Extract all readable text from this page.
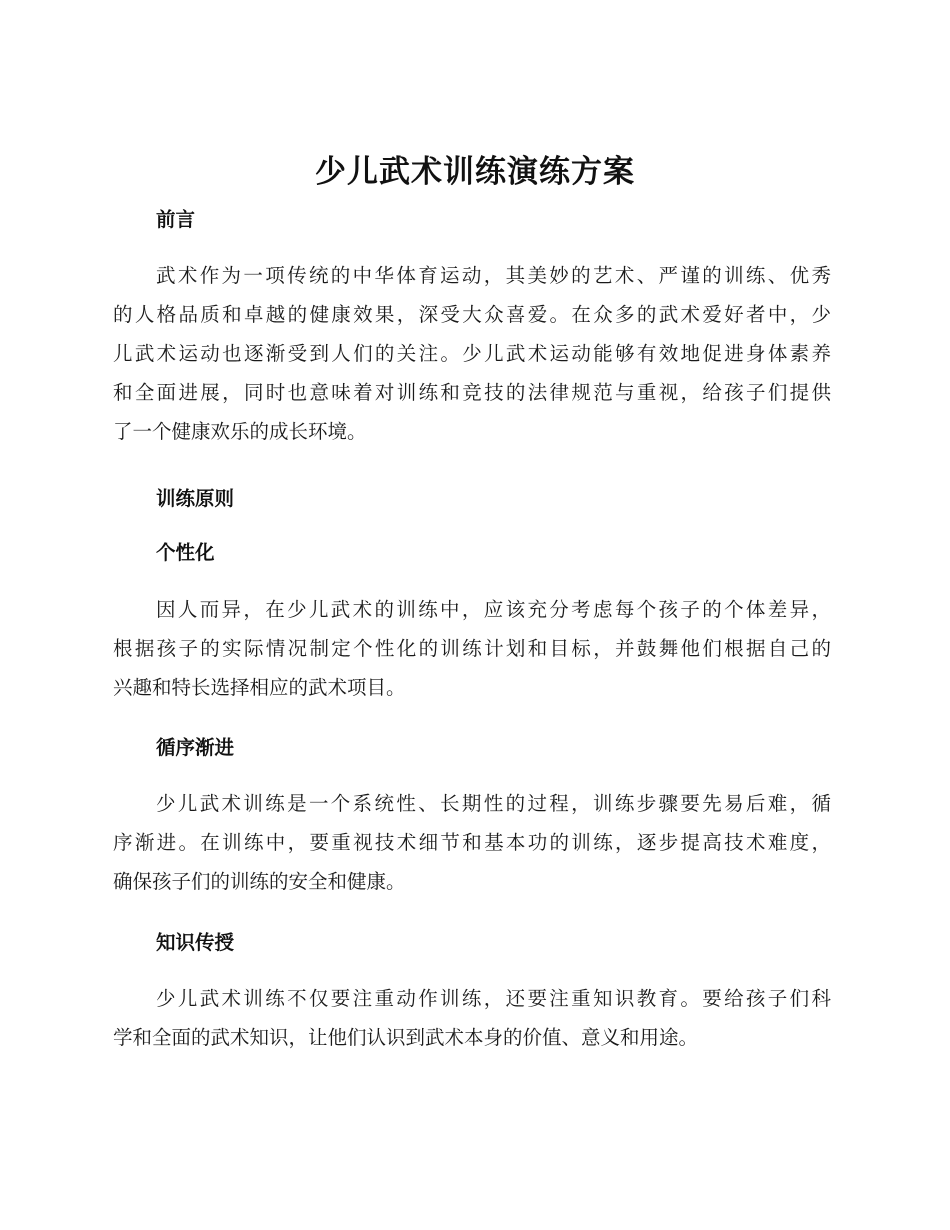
少儿武术训练演练方案
前言
武术作为一项传统的中华体育运动，其美妙的艺术、严谨的训练、优秀
的人格品质和卓越的健康效果，深受大众喜爱。在众多的武术爱好者中，少
儿武术运动也逐渐受到人们的关注。少儿武术运动能够有效地促进身体素养
和全面进展，同时也意味着对训练和竞技的法律规范与重视，给孩子们提供
了一个健康欢乐的成长环境。
训练原则
个性化
因人而异，在少儿武术的训练中，应该充分考虑每个孩子的个体差异，
根据孩子的实际情况制定个性化的训练计划和目标，并鼓舞他们根据自己的
兴趣和特长选择相应的武术项目。
循序渐进
少儿武术训练是一个系统性、长期性的过程，训练步骤要先易后难，循
序渐进。在训练中，要重视技术细节和基本功的训练，逐步提高技术难度，
确保孩子们的训练的安全和健康。
知识传授
少儿武术训练不仅要注重动作训练，还要注重知识教育。要给孩子们科
学和全面的武术知识，让他们认识到武术本身的价值、意义和用途。
